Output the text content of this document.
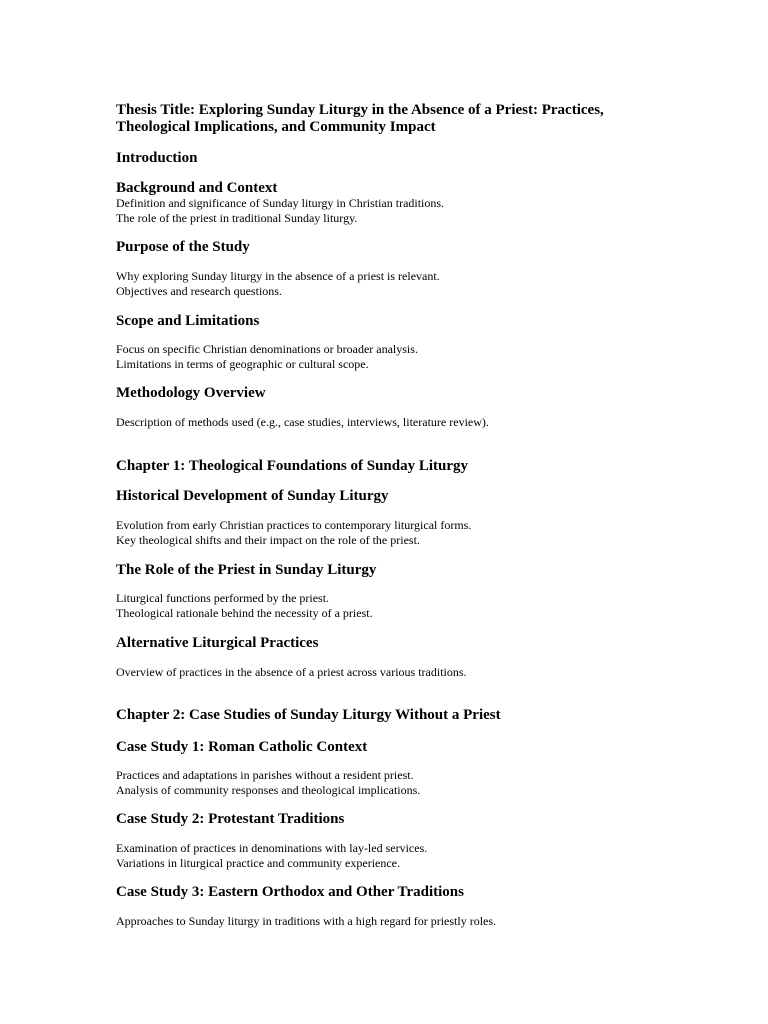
Thesis Title: Exploring Sunday Liturgy in the Absence of a Priest: Practices, Theological Implications, and Community Impact
Introduction
Background and Context
Definition and significance of Sunday liturgy in Christian traditions.
The role of the priest in traditional Sunday liturgy.
Purpose of the Study
Why exploring Sunday liturgy in the absence of a priest is relevant.
Objectives and research questions.
Scope and Limitations
Focus on specific Christian denominations or broader analysis.
Limitations in terms of geographic or cultural scope.
Methodology Overview
Description of methods used (e.g., case studies, interviews, literature review).
Chapter 1: Theological Foundations of Sunday Liturgy
Historical Development of Sunday Liturgy
Evolution from early Christian practices to contemporary liturgical forms.
Key theological shifts and their impact on the role of the priest.
The Role of the Priest in Sunday Liturgy
Liturgical functions performed by the priest.
Theological rationale behind the necessity of a priest.
Alternative Liturgical Practices
Overview of practices in the absence of a priest across various traditions.
Chapter 2: Case Studies of Sunday Liturgy Without a Priest
Case Study 1: Roman Catholic Context
Practices and adaptations in parishes without a resident priest.
Analysis of community responses and theological implications.
Case Study 2: Protestant Traditions
Examination of practices in denominations with lay-led services.
Variations in liturgical practice and community experience.
Case Study 3: Eastern Orthodox and Other Traditions
Approaches to Sunday liturgy in traditions with a high regard for priestly roles.
